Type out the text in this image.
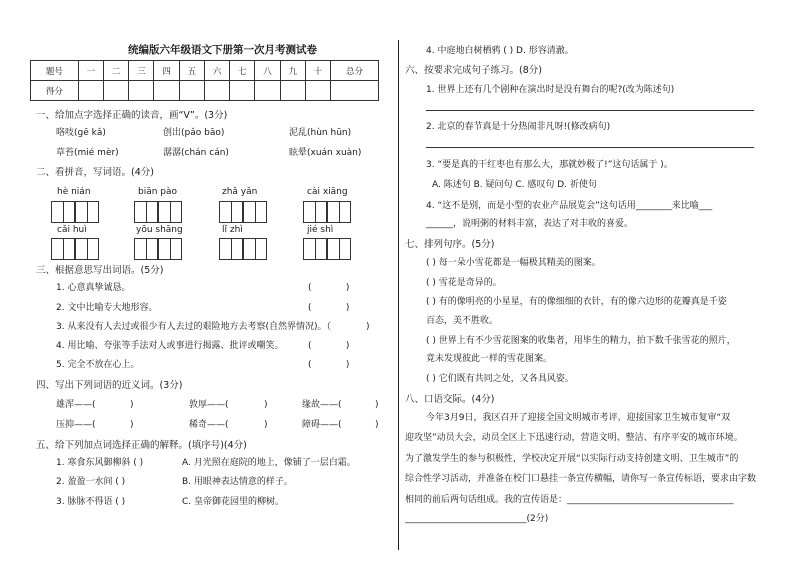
统编版六年级语文下册第一次月考测试卷
题号	一	二	三	四	五	六	七	八	九	十	总分
得分											
一、给加点字选择正确的读音，画“V”。(3分)
咯吱(gē kǎ)	创出(pǎo bāo)	泥乱(hùn hūn)
草苔(mié mèr)	潺潺(chán cán)	眩晕(xuán xuàn)
二、看拼音，写词语。(4分)
hè nián	biān pào	zhǎ yǎn	cài xiāng
cǎi huì	yōu shāng	lǐ zhì	jié shì
三、根据意思写出词语。(5分)
1. 心意真挚诚恳。	(            )
2. 文中比喻专大地形容。	(            )
3. 从来没有人去过或很少有人去过的艰险地方去考察(自然界情况)。（	)
4. 用比喻、夸张等手法对人或事进行揭露、批评或嘲笑。	(            )
5. 完全不放在心上。	(            )
四、写出下列词语的近义词。(3分)
雄浑——(	)	敦厚——(	)	缘故——(	)
压抑——(	)	稀奇——(	)	障碍——(	)
五、给下列加点词选择正确的解释。(填序号)(4分)
1. 寒食东风御柳斜 ( )	A. 月光照在庭院的地上，像铺了一层白霜。
2. 盈盈一水间 ( )	B. 用眼神表达情意的样子。
3. 脉脉不得语 ( )	C. 皇帝御花园里的柳树。
4. 中庭地白树栖鸦 ( ) D. 形容清澈。
六、按要求完成句子练习。(8分)
1. 世界上还有几个剧种在演出时是没有舞台的呢?(改为陈述句)
2. 北京的春节真是十分热闹非凡呀!(修改病句)
3. “要是真的干红枣也有那么大，那就妙极了!”这句话属于 )。
A. 陈述句 B. 疑问句 C. 感叹句 D. 祈使句
4. “这不是别，而是小型的农业产品展览会”这句话用________来比喻___
______，说明粥的材料丰富，表达了对丰收的喜爱。
七、排列句序。(5分)
( ) 每一朵小雪花都是一幅极其精美的图案。
( ) 雪花是奇异的。
( ) 有的像明亮的小星星，有的像细细的衣针，有的像六边形的花瓣真是千姿
百态，美不胜收。
( ) 世界上有不少雪花图案的收集者，用毕生的精力，拍下数千张雪花的照片，
竟未发现彼此一样的雪花图案。
( ) 它们既有共同之处，又各具风姿。
八、口语交际。(4分)
今年3月9日，我区召开了迎接全国文明城市考评、迎接国家卫生城市复审“双
迎攻坚”动员大会，动员全区上下迅速行动，营造文明、整洁、有序平安的城市环境。
为了激发学生的参与积极性，学校决定开展“以实际行动支持创建文明、卫生城市”的
综合性学习活动，并准备在校门口悬挂一条宣传横幅，请你写一条宣传标语，要求由字数
相同的前后两句话组成。我的宣传语是：_____________________________________
___________________________(2分)
